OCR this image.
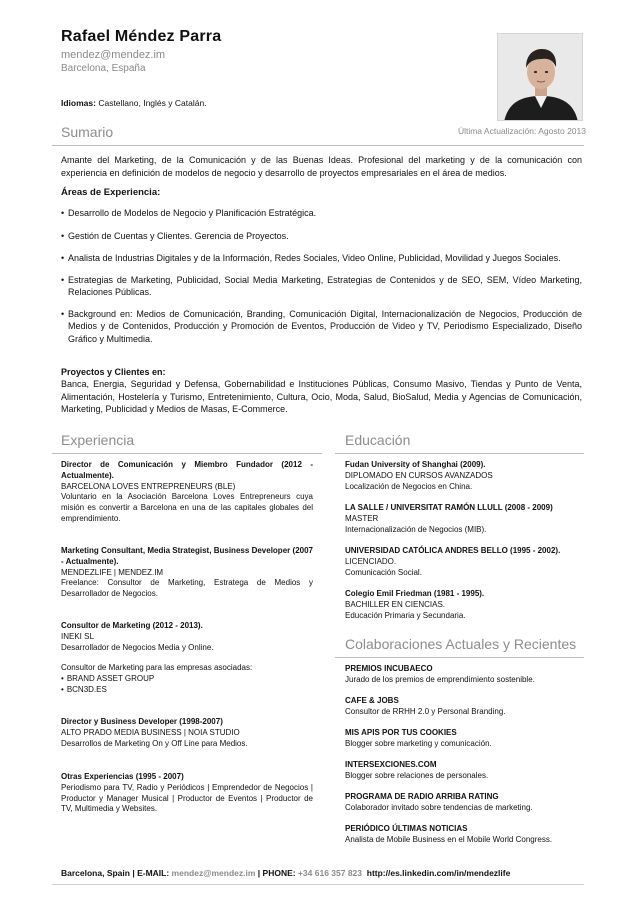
Rafael Méndez Parra
mendez@mendez.im
Barcelona, España
Idiomas: Castellano, Inglés y Catalán.
Última Actualización: Agosto 2013
Sumario
Amante del Marketing, de la Comunicación y de las Buenas Ideas. Profesional del marketing y de la comunicación con experiencia en definición de modelos de negocio y desarrollo de proyectos empresariales en el área de medios.
Áreas de Experiencia:
• Desarrollo de Modelos de Negocio y Planificación Estratégica.
• Gestión de Cuentas y Clientes. Gerencia de Proyectos.
• Analista de Industrias Digitales y de la Información, Redes Sociales, Video Online, Publicidad, Movilidad y Juegos Sociales.
• Estrategias de Marketing, Publicidad, Social Media Marketing, Estrategias de Contenidos y de SEO, SEM, Vídeo Marketing, Relaciones Públicas.
• Background en: Medios de Comunicación, Branding, Comunicación Digital, Internacionalización de Negocios, Producción de Medios y de Contenidos, Producción y Promoción de Eventos, Producción de Video y TV, Periodismo Especializado, Diseño Gráfico y Multimedia.
Proyectos y Clientes en:
Banca, Energia, Seguridad y Defensa, Gobernabilidad e Instituciones Públicas, Consumo Masivo, Tiendas y Punto de Venta, Alimentación, Hostelería y Turismo, Entretenimiento, Cultura, Ocio, Moda, Salud, BioSalud, Media y Agencias de Comunicación, Marketing, Publicidad y Medios de Masas, E-Commerce.
Experiencia
Director de Comunicación y Miembro Fundador (2012 - Actualmente).
BARCELONA LOVES ENTREPRENEURS (BLE)
Voluntario en la Asociación Barcelona Loves Entrepreneurs cuya misión es convertir a Barcelona en una de las capitales globales del emprendimiento.
Marketing Consultant, Media Strategist, Business Developer (2007 - Actualmente).
MENDEZLIFE | MENDEZ.IM
Freelance: Consultor de Marketing, Estratega de Medios y Desarrollador de Negocios.
Consultor de Marketing (2012 - 2013).
INEKI SL
Desarrollador de Negocios Media y Online.
Consultor de Marketing para las empresas asociadas:
• BRAND ASSET GROUP
• BCN3D.ES
Director y Business Developer (1998-2007)
ALTO PRADO MEDIA BUSINESS | NOIA STUDIO
Desarrollos de Marketing On y Off Line para Medios.
Otras Experiencias (1995 - 2007)
Periodismo para TV, Radio y Periódicos | Emprendedor de Negocios | Productor y Manager Musical | Productor de Eventos | Productor de TV, Multimedia y Websites.
Educación
Fudan University of Shanghai (2009).
DIPLOMADO EN CURSOS AVANZADOS
Localización de Negocios en China.
LA SALLE / UNIVERSITAT RAMÓN LLULL (2008 - 2009)
MASTER
Internacionalización de Negocios (MIB).
UNIVERSIDAD CATÓLICA ANDRES BELLO (1995 - 2002).
LICENCIADO.
Comunicación Social.
Colegio Emil Friedman (1981 - 1995).
BACHILLER EN CIENCIAS.
Educación Primaria y Secundaria.
Colaboraciones Actuales y Recientes
PREMIOS INCUBAECO
Jurado de los premios de emprendimiento sostenible.
CAFE & JOBS
Consultor de RRHH 2.0 y Personal Branding.
MIS APIS POR TUS COOKIES
Blogger sobre marketing y comunicación.
INTERSEXCIONES.COM
Blogger sobre relaciones de personales.
PROGRAMA DE RADIO ARRIBA RATING
Colaborador invitado sobre tendencias de marketing.
PERIÓDICO ÚLTIMAS NOTICIAS
Analista de Mobile Business en el Mobile World Congress.
Barcelona, Spain | E-MAIL: mendez@mendez.im | PHONE: +34 616 357 823 http://es.linkedin.com/in/mendezlife
